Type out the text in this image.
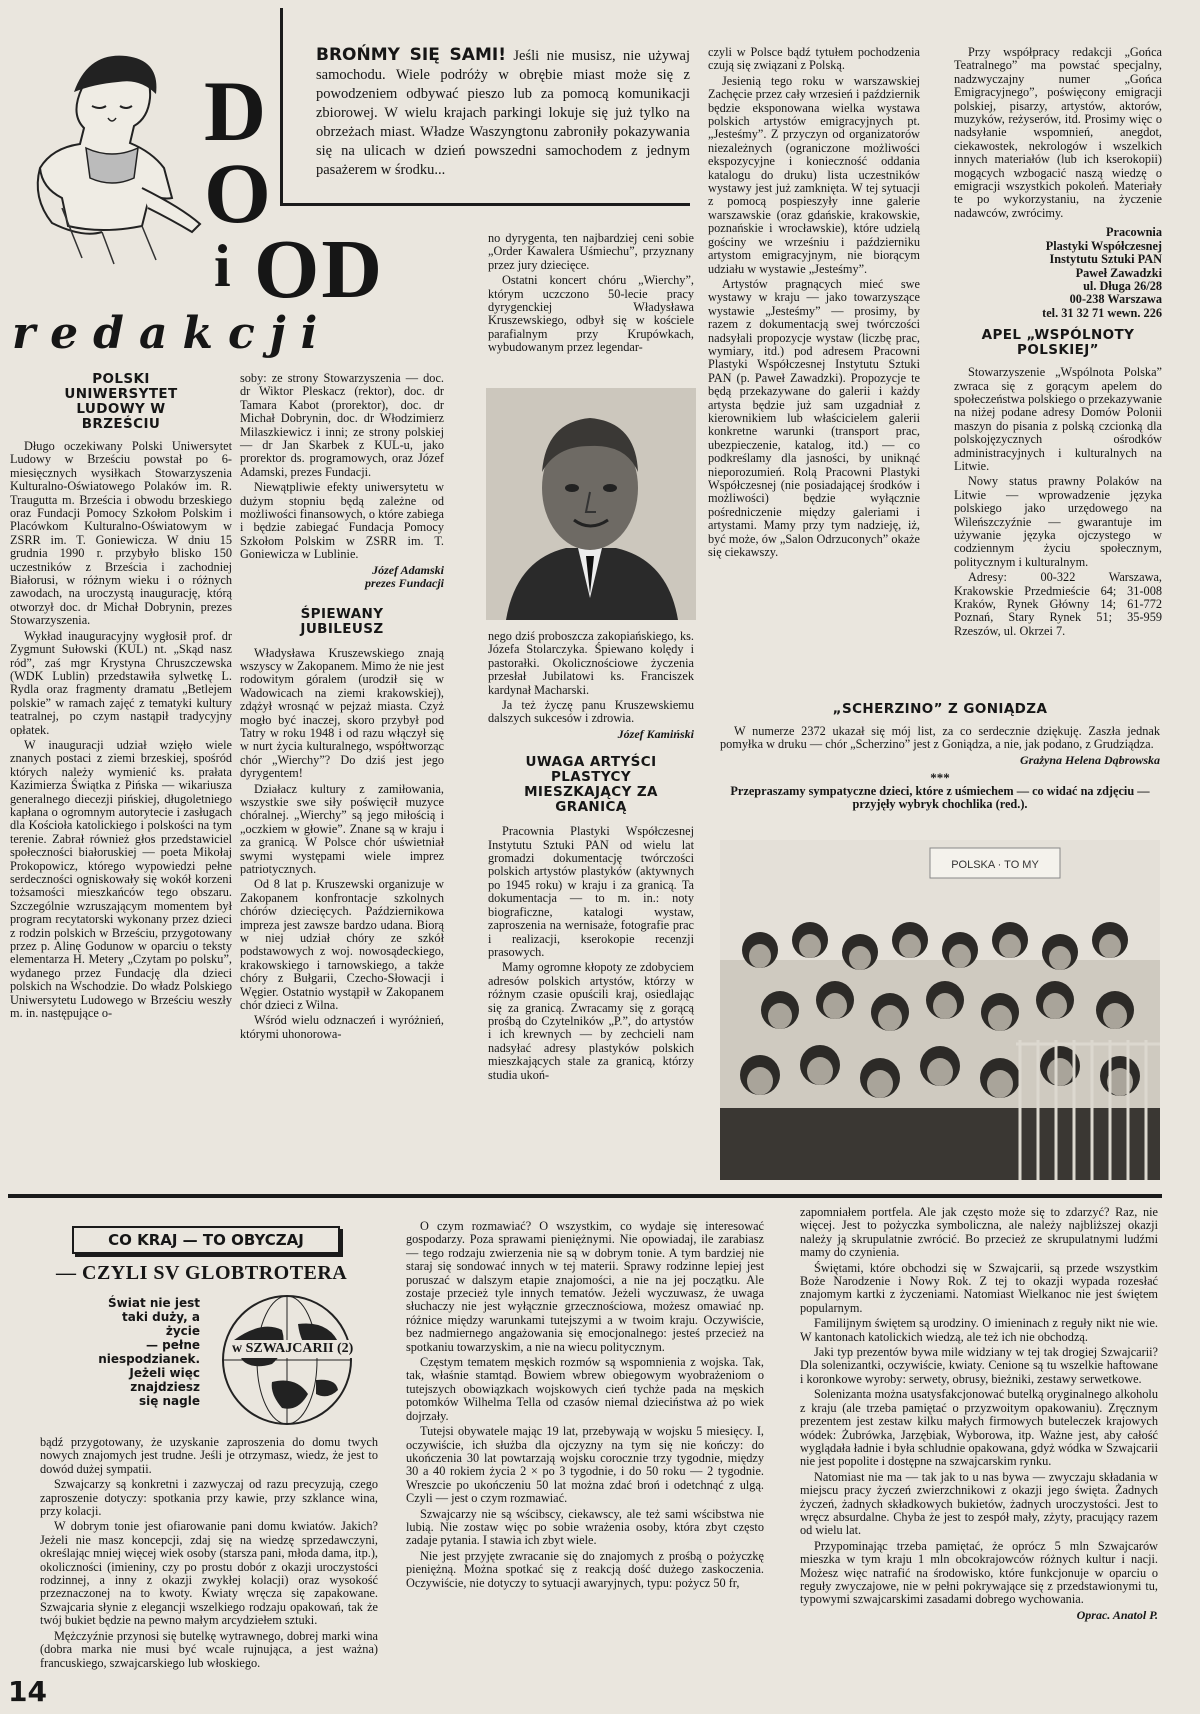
D
O
i OD
redakcji
BROŃMY SIĘ SAMI! Jeśli nie musisz, nie używaj samochodu. Wiele podróży w obrębie miast może się z powodzeniem odbywać pieszo lub za pomocą komunikacji zbiorowej. W wielu krajach parkingi lokuje się już tylko na obrzeżach miast. Władze Waszyngtonu zabroniły pokazywania się na ulicach w dzień powszedni samochodem z jednym pasażerem w środku...
POLSKI UNIWERSYTET LUDOWY W BRZEŚCIU

Długo oczekiwany Polski Uniwersytet Ludowy w Brześciu powstał po 6-miesięcznych wysiłkach Stowarzyszenia Kulturalno-Oświatowego Polaków im. R. Traugutta m. Brześcia i obwodu brzeskiego oraz Fundacji Pomocy Szkołom Polskim i Placówkom Kulturalno-Oświatowym w ZSRR im. T. Goniewicza. W dniu 15 grudnia 1990 r. przybyło blisko 150 uczestników z Brześcia i zachodniej Białorusi, w różnym wieku i o różnych zawodach, na uroczystą inaugurację, którą otworzył doc. dr Michał Dobrynin, prezes Stowarzyszenia.

Wykład inauguracyjny wygłosił prof. dr Zygmunt Sułowski (KUL) nt. „Skąd nasz ród”, zaś mgr Krystyna Chruszczewska (WDK Lublin) przedstawiła sylwetkę L. Rydla oraz fragmenty dramatu „Betlejem polskie” w ramach zajęć z tematyki kultury teatralnej, po czym nastąpił tradycyjny opłatek.

W inauguracji udział wzięło wiele znanych postaci z ziemi brzeskiej, spośród których należy wymienić ks. prałata Kazimierza Świątka z Pińska — wikariusza generalnego diecezji pińskiej, długoletniego kapłana o ogromnym autorytecie i zasługach dla Kościoła katolickiego i polskości na tym terenie. Zabrał również głos przedstawiciel społeczności białoruskiej — poeta Mikołaj Prokopowicz, którego wypowiedzi pełne serdeczności ogniskowały się wokół korzeni tożsamości mieszkańców tego obszaru. Szczególnie wzruszającym momentem był program recytatorski wykonany przez dzieci z rodzin polskich w Brześciu, przygotowany przez p. Alinę Godunow w oparciu o teksty elementarza H. Metery „Czytam po polsku”, wydanego przez Fundację dla dzieci polskich na Wschodzie. Do władz Polskiego Uniwersytetu Ludowego w Brześciu weszły m. in. następujące o-

soby: ze strony Stowarzyszenia — doc. dr Wiktor Pleskacz (rektor), doc. dr Tamara Kabot (prorektor), doc. dr Michał Dobrynin, doc. dr Włodzimierz Milaszkiewicz i inni; ze strony polskiej — dr Jan Skarbek z KUL-u, jako prorektor ds. programowych, oraz Józef Adamski, prezes Fundacji.

Niewątpliwie efekty uniwersytetu w dużym stopniu będą zależne od możliwości finansowych, o które zabiega i będzie zabiegać Fundacja Pomocy Szkołom Polskim w ZSRR im. T. Goniewicza w Lublinie.

Józef Adamski
prezes Fundacji
ŚPIEWANY JUBILEUSZ

Władysława Kruszewskiego znają wszyscy w Zakopanem. Mimo że nie jest rodowitym góralem (urodził się w Wadowicach na ziemi krakowskiej), zdążył wrosnąć w pejzaż miasta. Czyż mogło być inaczej, skoro przybył pod Tatry w roku 1948 i od razu włączył się w nurt życia kulturalnego, współtworząc chór „Wierchy”? Do dziś jest jego dyrygentem!

Działacz kultury z zamiłowania, wszystkie swe siły poświęcił muzyce chóralnej. „Wierchy” są jego miłością i „oczkiem w głowie”. Znane są w kraju i za granicą. W Polsce chór uświetniał swymi występami wiele imprez patriotycznych.

Od 8 lat p. Kruszewski organizuje w Zakopanem konfrontacje szkolnych chórów dziecięcych. Październikowa impreza jest zawsze bardzo udana. Biorą w niej udział chóry ze szkół podstawowych z woj. nowosądeckiego, krakowskiego i tarnowskiego, a także chóry z Bułgarii, Czecho-Słowacji i Węgier. Ostatnio wystąpił w Zakopanem chór dzieci z Wilna.

Wśród wielu odznaczeń i wyróżnień, którymi uhonorowa-

no dyrygenta, ten najbardziej ceni sobie „Order Kawalera Uśmiechu”, przyznany przez jury dziecięce.

Ostatni koncert chóru „Wierchy”, którym uczczono 50-lecie pracy dyrygenckiej Władysława Kruszewskiego, odbył się w kościele parafialnym przy Krupówkach, wybudowanym przez legendar-

nego dziś proboszcza zakopiańskiego, ks. Józefa Stolarczyka. Śpiewano kolędy i pastorałki. Okolicznościowe życzenia przesłał Jubilatowi ks. Franciszek kardynał Macharski.

Ja też życzę panu Kruszewskiemu dalszych sukcesów i zdrowia.

Józef Kamiński
UWAGA ARTYŚCI PLASTYCY MIESZKAJĄCY ZA GRANICĄ

Pracownia Plastyki Współczesnej Instytutu Sztuki PAN od wielu lat gromadzi dokumentację twórczości polskich artystów plastyków (aktywnych po 1945 roku) w kraju i za granicą. Ta dokumentacja — to m. in.: noty biograficzne, katalogi wystaw, zaproszenia na wernisaże, fotografie prac i realizacji, kserokopie recenzji prasowych.

Mamy ogromne kłopoty ze zdobyciem adresów polskich artystów, którzy w różnym czasie opuścili kraj, osiedlając się za granicą. Zwracamy się z gorącą prośbą do Czytelników „P.”, do artystów i ich krewnych — by zechcieli nam nadsyłać adresy plastyków polskich mieszkających stale za granicą, którzy studia ukoń-

czyli w Polsce bądź tytułem pochodzenia czują się związani z Polską.

Jesienią tego roku w warszawskiej Zachęcie przez cały wrzesień i październik będzie eksponowana wielka wystawa polskich artystów emigracyjnych pt. „Jesteśmy”. Z przyczyn od organizatorów niezależnych (ograniczone możliwości ekspozycyjne i konieczność oddania katalogu do druku) lista uczestników wystawy jest już zamknięta. W tej sytuacji z pomocą pospieszyły inne galerie warszawskie (oraz gdańskie, krakowskie, poznańskie i wrocławskie), które udzielą gościny we wrześniu i październiku artystom emigracyjnym, nie biorącym udziału w wystawie „Jesteśmy”.

Artystów pragnących mieć swe wystawy w kraju — jako towarzyszące wystawie „Jesteśmy” — prosimy, by razem z dokumentacją swej twórczości nadsyłali propozycje wystaw (liczbę prac, wymiary, itd.) pod adresem Pracowni Plastyki Współczesnej Instytutu Sztuki PAN (p. Paweł Zawadzki). Propozycje te będą przekazywane do galerii i każdy artysta będzie już sam uzgadniał z kierownikiem lub właścicielem galerii konkretne warunki (transport prac, ubezpieczenie, katalog, itd.) — co podkreślamy dla jasności, by uniknąć nieporozumień. Rolą Pracowni Plastyki Współczesnej (nie posiadającej środków i możliwości) będzie wyłącznie pośredniczenie między galeriami i artystami. Mamy przy tym nadzieję, iż, być może, ów „Salon Odrzuconych” okaże się ciekawszy.

Przy współpracy redakcji „Gońca Teatralnego” ma powstać specjalny, nadzwyczajny numer „Gońca Emigracyjnego”, poświęcony emigracji polskiej, pisarzy, artystów, aktorów, muzyków, reżyserów, itd. Prosimy więc o nadsyłanie wspomnień, anegdot, ciekawostek, nekrologów i wszelkich innych materiałów (lub ich kserokopii) mogących wzbogacić naszą wiedzę o emigracji wszystkich pokoleń. Materiały te po wykorzystaniu, na życzenie nadawców, zwrócimy.

Pracownia
Plastyki Współczesnej
Instytutu Sztuki PAN
Paweł Zawadzki
ul. Długa 26/28
00-238 Warszawa
tel. 31 32 71 wewn. 226
APEL „WSPÓLNOTY POLSKIEJ”

Stowarzyszenie „Wspólnota Polska” zwraca się z gorącym apelem do społeczeństwa polskiego o przekazywanie na niżej podane adresy Domów Polonii maszyn do pisania z polską czcionką dla polskojęzycznych ośrodków administracyjnych i kulturalnych na Litwie.

Nowy status prawny Polaków na Litwie — wprowadzenie języka polskiego jako urzędowego na Wileńszczyźnie — gwarantuje im używanie języka ojczystego w codziennym życiu społecznym, politycznym i kulturalnym.

Adresy: 00-322 Warszawa, Krakowskie Przedmieście 64; 31-008 Kraków, Rynek Główny 14; 61-772 Poznań, Stary Rynek 51; 35-959 Rzeszów, ul. Okrzei 7.

„SCHERZINO” Z GONIĄDZA

W numerze 2372 ukazał się mój list, za co serdecznie dziękuję. Zaszła jednak pomyłka w druku — chór „Scherzino” jest z Goniądza, a nie, jak podano, z Grudziądza.

Grażyna Helena Dąbrowska
***

Przepraszamy sympatyczne dzieci, które z uśmiechem — co widać na zdjęciu — przyjęły wybryk chochlika (red.).

POLSKA · TO MY
CO KRAJ — TO OBYCZAJ
— CZYLI SV GLOBTROTERA
Świat nie jest
taki duży, a życie
— pełne niespodzianek.
Jeżeli więc znajdziesz
się nagle
w SZWAJCARII (2)

bądź przygotowany, że uzyskanie zaproszenia do domu twych nowych znajomych jest trudne. Jeśli je otrzymasz, wiedz, że jest to dowód dużej sympatii.

Szwajcarzy są konkretni i zazwyczaj od razu precyzują, czego zaproszenie dotyczy: spotkania przy kawie, przy szklance wina, przy kolacji.

W dobrym tonie jest ofiarowanie pani domu kwiatów. Jakich? Jeżeli nie masz koncepcji, zdaj się na wiedzę sprzedawczyni, określając mniej więcej wiek osoby (starsza pani, młoda dama, itp.), okoliczności (imieniny, czy po prostu dobór z okazji uroczystości rodzinnej, a inny z okazji zwykłej kolacji) oraz wysokość przeznaczonej na to kwoty. Kwiaty wręcza się zapakowane. Szwajcaria słynie z elegancji wszelkiego rodzaju opakowań, tak że twój bukiet będzie na pewno małym arcydziełem sztuki.

Mężczyźnie przynosi się butelkę wytrawnego, dobrej marki wina (dobra marka nie musi być wcale rujnująca, a jest ważna) francuskiego, szwajcarskiego lub włoskiego.

14

O czym rozmawiać? O wszystkim, co wydaje się interesować gospodarzy. Poza sprawami pieniężnymi. Nie opowiadaj, ile zarabiasz — tego rodzaju zwierzenia nie są w dobrym tonie. A tym bardziej nie staraj się sondować innych w tej materii. Sprawy rodzinne lepiej jest poruszać w dalszym etapie znajomości, a nie na jej początku. Ale zostaje przecież tyle innych tematów. Jeżeli wyczuwasz, że uwaga słuchaczy nie jest wyłącznie grzecznościowa, możesz omawiać np. różnice między warunkami tutejszymi a w twoim kraju. Oczywiście, bez nadmiernego angażowania się emocjonalnego: jesteś przecież na spotkaniu towarzyskim, a nie na wiecu politycznym.

Częstym tematem męskich rozmów są wspomnienia z wojska. Tak, tak, właśnie stamtąd. Bowiem wbrew obiegowym wyobrażeniom o tutejszych obowiązkach wojskowych cień tychże pada na męskich potomków Wilhelma Tella od czasów niemal dzieciństwa aż po wiek dojrzały.

Tutejsi obywatele mając 19 lat, przebywają w wojsku 5 miesięcy. I, oczywiście, ich służba dla ojczyzny na tym się nie kończy: do ukończenia 30 lat powtarzają wojsku corocznie trzy tygodnie, między 30 a 40 rokiem życia 2 × po 3 tygodnie, i do 50 roku — 2 tygodnie. Wreszcie po ukończeniu 50 lat można zdać broń i odetchnąć z ulgą. Czyli — jest o czym rozmawiać.

Szwajcarzy nie są wścibscy, ciekawscy, ale też sami wścibstwa nie lubią. Nie zostaw więc po sobie wrażenia osoby, która zbyt często zadaje pytania. I stawia ich zbyt wiele.

Nie jest przyjęte zwracanie się do znajomych z prośbą o pożyczkę pieniężną. Można spotkać się z reakcją dość dużego zaskoczenia. Oczywiście, nie dotyczy to sytuacji awaryjnych, typu: pożycz 50 fr,

zapomniałem portfela. Ale jak często może się to zdarzyć? Raz, nie więcej. Jest to pożyczka symboliczna, ale należy najbliższej okazji należy ją skrupulatnie zwrócić. Bo przecież ze skrupulatnymi ludźmi mamy do czynienia.

Świętami, które obchodzi się w Szwajcarii, są przede wszystkim Boże Narodzenie i Nowy Rok. Z tej to okazji wypada rozesłać znajomym kartki z życzeniami. Natomiast Wielkanoc nie jest świętem popularnym.

Familijnym świętem są urodziny. O imieninach z reguły nikt nie wie. W kantonach katolickich wiedzą, ale też ich nie obchodzą.

Jaki typ prezentów bywa mile widziany w tej tak drogiej Szwajcarii? Dla solenizantki, oczywiście, kwiaty. Cenione są tu wszelkie haftowane i koronkowe wyroby: serwety, obrusy, bieżniki, zestawy serwetkowe.

Solenizanta można usatysfakcjonować butelką oryginalnego alkoholu z kraju (ale trzeba pamiętać o przyzwoitym opakowaniu). Zręcznym prezentem jest zestaw kilku małych firmowych buteleczek krajowych wódek: Żubrówka, Jarzębiak, Wyborowa, itp. Ważne jest, aby całość wyglądała ładnie i była schludnie opakowana, gdyż wódka w Szwajcarii nie jest popolite i dostępne na szwajcarskim rynku.

Natomiast nie ma — tak jak to u nas bywa — zwyczaju składania w miejscu pracy życzeń zwierzchnikowi z okazji jego święta. Żadnych życzeń, żadnych składkowych bukietów, żadnych uroczystości. Jest to wręcz absurdalne. Chyba że jest to zespół mały, zżyty, pracujący razem od wielu lat.

Przypominając trzeba pamiętać, że oprócz 5 mln Szwajcarów mieszka w tym kraju 1 mln obcokrajowców różnych kultur i nacji. Możesz więc natrafić na środowisko, które funkcjonuje w oparciu o reguły zwyczajowe, nie w pełni pokrywające się z przedstawionymi tu, typowymi szwajcarskimi zasadami dobrego wychowania.

Oprac. Anatol P.
